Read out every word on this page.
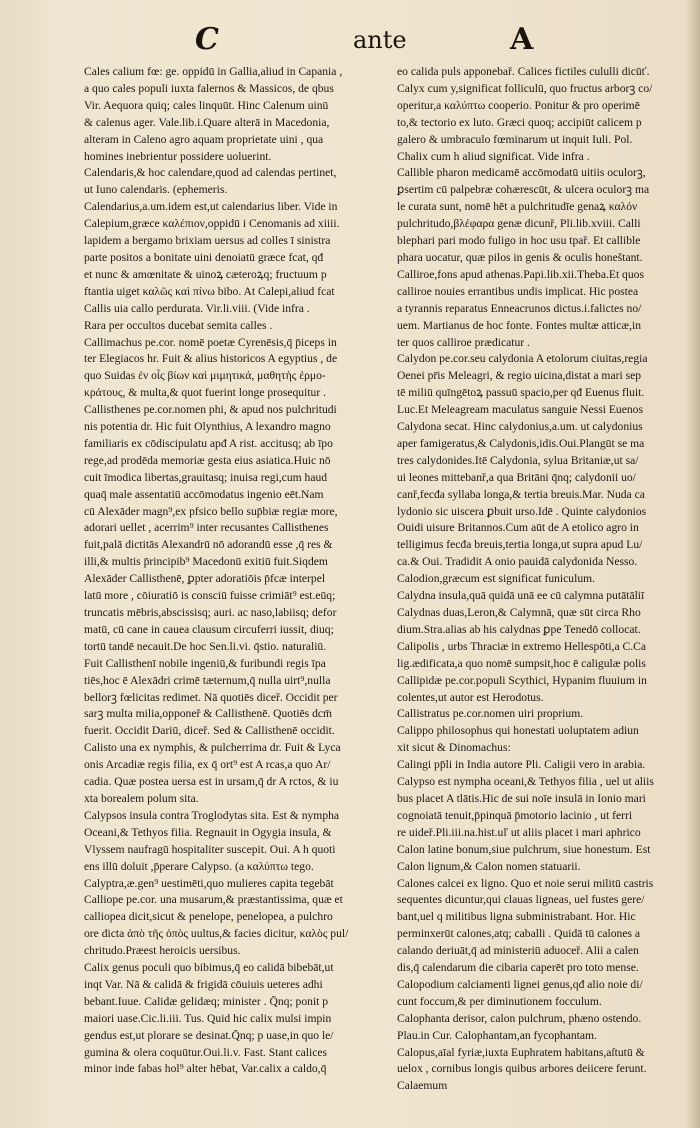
C	ante	A
Cales calium fœ: ge. oppidū in Gallia,aliud in Capania ,
a quo cales populi iuxta falernos & Massicos, de qbus
Vir. Aequora quiq; cales linquūt. Hinc Calenum uinū
& calenus ager. Vale.lib.i.Quare alterā in Macedonia,
alteram in Caleno agro aquam proprietate uini , qua
homines inebrientur possidere uoluerint.
Calendaris,& hoc calendare,quod ad calendas pertinet,
ut Iuno calendaris. (ephemeris.
Calendarius,a.um.idem est,ut calendarius liber. Vide in
Calepium,græce καλέπιον,oppidū i Cenomanis ad xiiii.
lapidem a bergamo brixiam uersus ad colles ī sinistra
parte positos a bonitate uini denoiatū græce fcat, qđ
et nunc & amœnitate & uinoꝝ cæteroꝝq; fructuum p
ftantia uiget καλῶς καὶ πίνω bibo. At Calepi,aliud fcat
Callis uia callo perdurata. Vir.li.viii. (Vide infra .
Rara per occultos ducebat semita calles .
Callimachus pe.cor. nomē poetæ Cyrenēsis,q̄ p̄iceps in
ter Elegiacos hr. Fuit & alius historicos A egyptius , de
quo Suidas ἐν οἷς βίων καὶ μιμητικά, μαθητὴς ἐρμο-
κράτους, & multa,& quot fuerint longe prosequitur .
Callisthenes pe.cor.nomen phi, & apud nos pulchritudi
nis potentia dr. Hic fuit Olynthius, A lexandro magno
familiaris ex cōdiscipulatu apđ A rist. accitusq; ab īpo
rege,ad prodēda memoriæ gesta eius asiatica.Huic nō
cuit īmodica libertas,grauitasq; inuisa regi,cum haud
quaq̄ male assentatiū accōmodatus ingenio eēt.Nam
cū Alexāder magn⁹,ex pfsico bello sup̄biæ regiæ more,
adorari uellet , acerrim⁹ inter recusantes Callisthenes
fuit,palā dictitās Alexandrū nō adorandū esse ,q̄ res &
illi,& multis p̄rincipib⁹ Macedonū exitiū fuit.Siqdem
Alexāder Callisthenē, ꝑpter adoratiōis p̄fcæ interpel
latū more , cōiuratiō is consciū fuisse crimiāt⁹ est.eūq;
truncatis mēbris,abscissisq; auri. ac naso,labiisq; defor
matū, cū cane in cauea clausum circuferri iussit, diuq;
tortū tandē necauit.De hoc Sen.li.vi. q̄stio. naturaliū.
Fuit Callisthenī nobile ingeniū,& furibundi regis īpa
tiēs,hoc ē Alexādri crimē tæternum,q̄ nulla uirt⁹,nulla
bellorꝫ fœlicitas redimet. Nā quotiēs diceř. Occidit per
sarꝫ multa milia,opponeř & Callisthenē. Quotiēs dcm̄
fuerit. Occidit Dariū, diceř. Sed & Callisthenē occidit.
Calisto una ex nymphis, & pulcherrima dr. Fuit & Lyca
onis Arcadiæ regis filia, ex q̄ ort⁹ est A rcas,a quo Ar/
cadia. Quæ postea uersa est in ursam,q̄ dr A rctos, & iu
xta borealem polum sita.
Calypsos insula contra Troglodytas sita. Est & nympha
Oceani,& Tethyos filia. Regnauit in Ogygia insula, &
Vlyssem naufragū hospitaliter suscepit. Oui. A h quoti
ens illū doluit ,p̄perare Calypso. (a καλύπτω tego.
Calyptra,æ.gen⁹ uestimēti,quo mulieres capita tegebāt
Calliope pe.cor. una musarum,& præstantissima, quæ et
calliopea dicit,sicut & penelope, penelopea, a pulchro
ore dicta ἀπὸ τῆς ὀπὸς uultus,& facies dicitur, καλὸς pul/
chritudo.Præest heroicis uersibus.
Calix genus poculi quo bibimus,q̄ eo calidā bibebāt,ut
inqt Var. Nā & calidā & frigidā cōuiuis ueteres adhi
bebant.Iuue. Calidæ gelidæq; minister . Q̄nq; ponit p
maiori uase.Cic.li.iii. Tus. Quid hic calix mulsi impin
gendus est,ut plorare se desinat.Q̄nq; p uase,in quo le/
gumina & olera coquūtur.Oui.li.v. Fast. Stant calices
minor inde fabas hol⁹ alter hēbat, Var.calix a caldo,q̄
eo calida puls apponebař. Calices fictiles cululli dicūť.
Calyx cum y,significat folliculū, quo fructus arborꝫ co/
operitur,a καλύπτω cooperio. Ponitur & pro operimē
to,& tectorio ex luto. Græci quoq; accipiūt calicem p
galero & umbraculo fœminarum ut inquit Iuli. Pol.
Chalix cum h aliud significat. Vide infra .
Callible pharon medicamē accōmodatū uitiis oculorꝫ,
ꝑsertim cū palpebræ cohærescūt, & ulcera oculorꝫ ma
le curata sunt, nomē hēt a pulchritudīe genaꝝ καλόν
pulchritudo,βλέφαρα genæ dicunř, Pli.lib.xviii. Calli
blephari pari modo fuligo in hoc usu tpař. Et callible
phara uocatur, quæ pilos in genis & oculis honeštant.
Calliroe,fons apud athenas.Papi.lib.xii.Theba.Et quos
calliroe nouies errantibus undis implicat. Hic postea
a tyrannis reparatus Enneacrunos dictus.i.falictes no/
uem. Martianus de hoc fonte. Fontes multæ atticæ,in
ter quos calliroe prædicatur .
Calydon pe.cor.seu calydonia A etolorum ciuitas,regia
Oenei pr̄is Meleagri, & regio uicina,distat a mari sep
tē miliū quīngētoꝝ passuū spacio,per qđ Euenus fluit.
Luc.Et Meleagream maculatus sanguie Nessi Euenos
Calydona secat. Hinc calydonius,a.um. ut calydonius
aper famigeratus,& Calydonis,idis.Oui.Plangūt se ma
tres calydonides.Itē Calydonia, sylua Britaniæ,ut sa/
ui leones mittebanř,a qua Britāni q̄nq; calydonii uo/
canř,fecđa syllaba longa,& tertia breuis.Mar. Nuda ca
lydonio sic uiscera ꝑbuit urso.Idē . Quinte calydonios
Ouidi uisure Britannos.Cum aūt de A etolico agro in
telligimus fecđa breuis,tertia longa,ut supra apud Lu/
ca.& Oui. Tradidit A onio pauidā calydonida Nesso.
Calodion,græcum est significat funiculum.
Calydna insula,quā quidā unā ee cū calymna putātāliī
Calydnas duas,Leron,& Calymnā, quæ sūt circa Rho
dium.Stra.alias ab his calydnas ꝑpe Tenedō collocat.
Calipolis , urbs Thraciæ in extremo Hellespōti,a C.Ca
lig.ædificata,a quo nomē sumpsit,hoc ē caligulæ polis
Callipidæ pe.cor.populi Scythici, Hypanim fluuium in
colentes,ut autor est Herodotus.
Callistratus pe.cor.nomen uiri proprium.
Calippo philosophus qui honestati uoluptatem adiun
xit sicut & Dinomachus:
Calingi pp̄li in India autore Pli. Caligii vero in arabia.
Calypso est nympha oceani,& Tethyos filia , uel ut aliis
bus placet A tlātis.Hic de sui noīe insulā in Ionio mari
cognoiatā tenuit,p̄pinquā p̄motorio lacinio , ut ferri
re uideř.Pli.iii.na.hist.uľ ut aliis placet i mari aphrico
Calon latine bonum,siue pulchrum, siue honestum. Est
Calon lignum,& Calon nomen statuarii.
Calones calcei ex ligno. Quo et noie serui militū castris
sequentes dicuntur,qui clauas ligneas, uel fustes gere/
bant,uel q militibus ligna subministrabant. Hor. Hic
perminxerūt calones,atq; caballi . Quidā tū calones a
calando deriuāt,q̄ ad ministeriū aduoceř. Alii a calen
dis,q̄ calendarum die cibaria caperēt pro toto mense.
Calopodium calciamenti lignei genus,qđ alio noie di/
cunt foccum,& per diminutionem focculum.
Calophanta derisor, calon pulchrum, phæno ostendo.
Plau.in Cur. Calophantam,an fycophantam.
Calopus,aīal fyriæ,iuxta Euphratem habitans,aſtutū &
uelox , cornibus longis quibus arbores deiicere ferunt.
Calaemum
